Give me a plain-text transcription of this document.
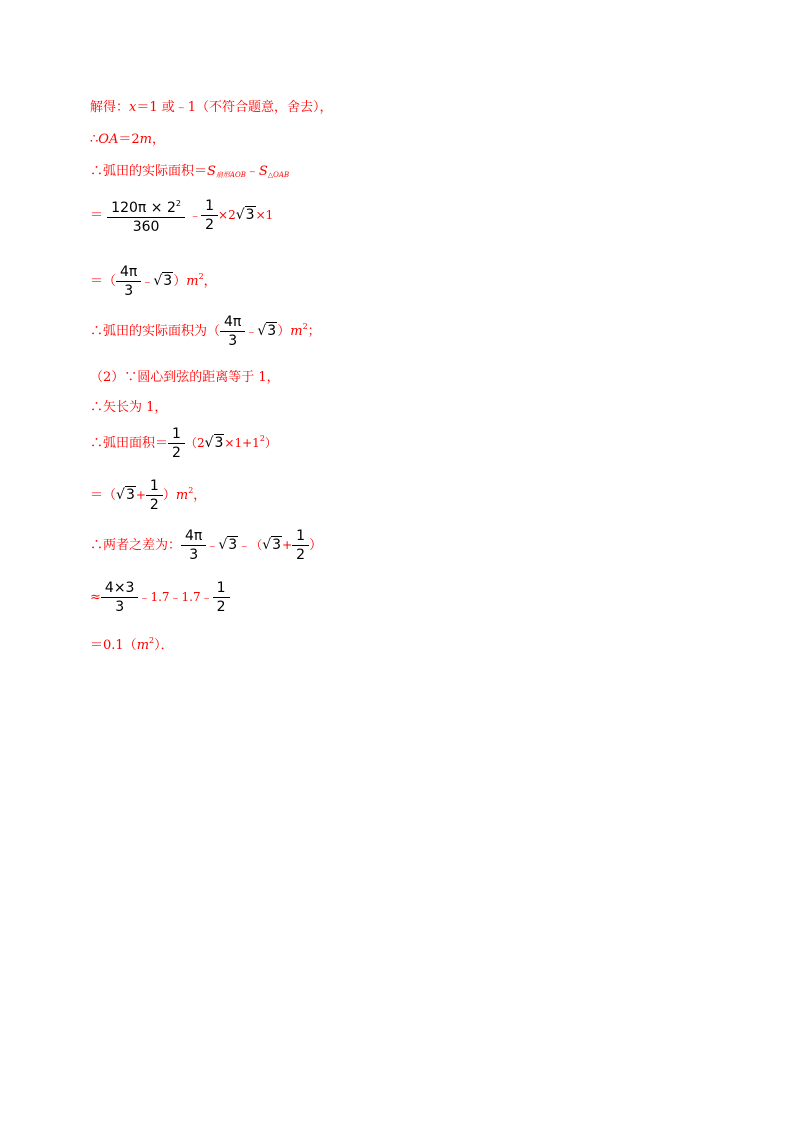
解得：x＝1 或﹣1（不符合题意，舍去），
∴OA＝2m，
∴弧田的实际面积$=S_{扇形AOB}﹣S_{\triangle OAB}$
＝ $\frac{120\pi \times 2^2}{360}$ ﹣ $\frac{1}{2} \times 2√3\times 1$
＝（ $\frac{4\pi}{3}$ $﹣√3)m^2$，
∴弧田的实际面积为（ $\frac{4\pi}{3}$ $﹣√3)m^2$；
（2）∵圆心到弦的距离等于 1，
∴矢长为 1，
∴弧田面积＝ $\frac{1}{2} (2√3\times 1+1^2)$
$=(√3+ \frac{1}{2} )m^2$，
∴两者之差为： $\frac{4\pi}{3}$ ﹣√3﹣（√3+ $\frac{1}{2}$ ）
≈ $\frac{4\times 3}{3}$ ﹣1.7﹣1.7﹣ $\frac{1}{2}$
$=0.1(m^2)$．
